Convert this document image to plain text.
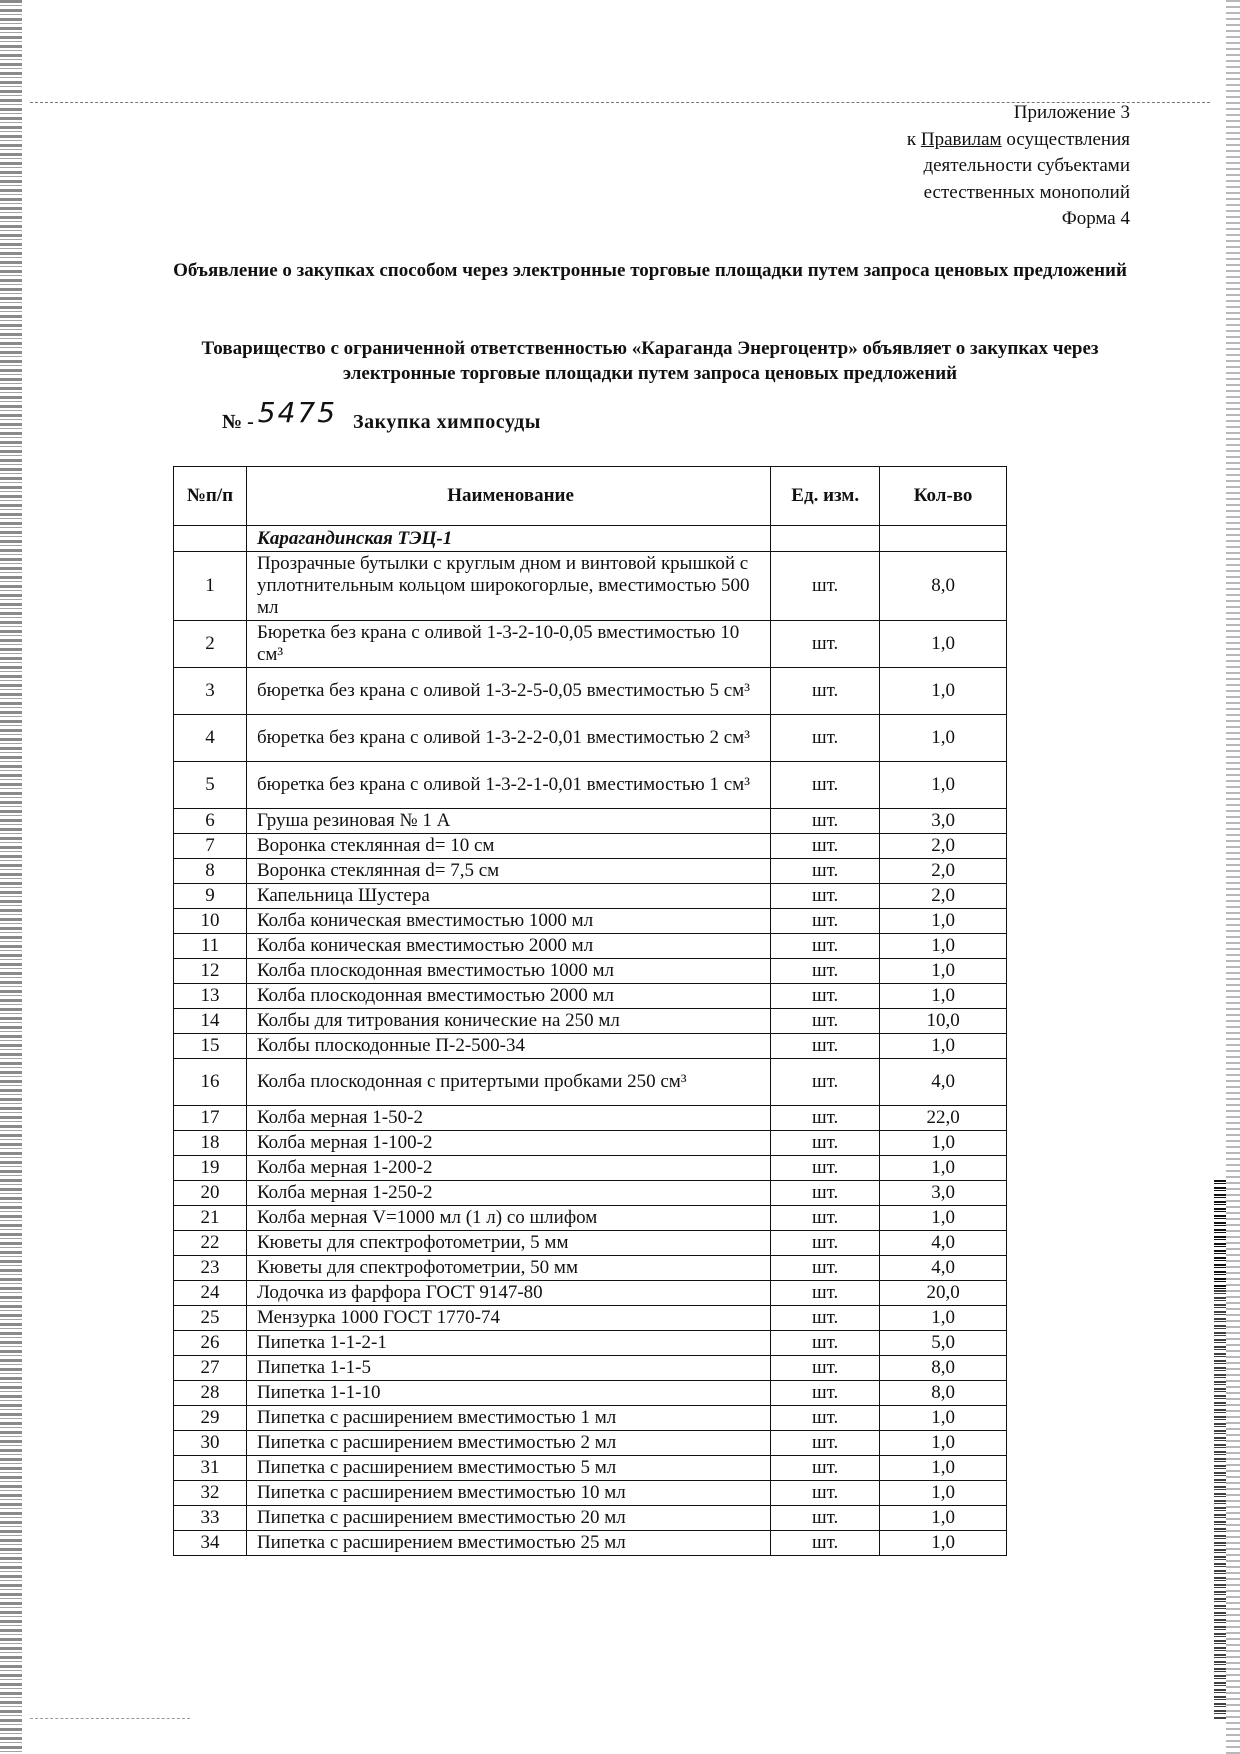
Приложение 3
к Правилам осуществления
деятельности субъектами
естественных монополий
Форма 4
Объявление о закупках способом через электронные торговые площадки путем запроса ценовых предложений
Товарищество с ограниченной ответственностью «Караганда Энергоцентр» объявляет о закупках через электронные торговые площадки путем запроса ценовых предложений
№ - 5475 Закупка химпосуды
№п/п	Наименование	Ед. изм.	Кол-во
	Карагандинская ТЭЦ-1		
1	Прозрачные бутылки с круглым дном и винтовой крышкой с уплотнительным кольцом широкогорлые, вместимостью 500 мл	шт.	8,0
2	Бюретка без крана с оливой 1-3-2-10-0,05 вместимостью 10 см³	шт.	1,0
3	бюретка без крана с оливой 1-3-2-5-0,05 вместимостью 5 см³	шт.	1,0
4	бюретка без крана с оливой 1-3-2-2-0,01 вместимостью 2 см³	шт.	1,0
5	бюретка без крана с оливой 1-3-2-1-0,01 вместимостью 1 см³	шт.	1,0
6	Груша резиновая № 1 А	шт.	3,0
7	Воронка стеклянная d= 10 см	шт.	2,0
8	Воронка стеклянная d= 7,5 см	шт.	2,0
9	Капельница Шустера	шт.	2,0
10	Колба коническая вместимостью 1000 мл	шт.	1,0
11	Колба коническая вместимостью 2000 мл	шт.	1,0
12	Колба плоскодонная вместимостью 1000 мл	шт.	1,0
13	Колба плоскодонная вместимостью 2000 мл	шт.	1,0
14	Колбы для титрования конические на 250 мл	шт.	10,0
15	Колбы плоскодонные П-2-500-34	шт.	1,0
16	Колба плоскодонная с притертыми пробками 250 см³	шт.	4,0
17	Колба мерная 1-50-2	шт.	22,0
18	Колба мерная 1-100-2	шт.	1,0
19	Колба мерная 1-200-2	шт.	1,0
20	Колба мерная 1-250-2	шт.	3,0
21	Колба мерная V=1000 мл (1 л) со шлифом	шт.	1,0
22	Кюветы для спектрофотометрии, 5 мм	шт.	4,0
23	Кюветы для спектрофотометрии, 50 мм	шт.	4,0
24	Лодочка из фарфора ГОСТ 9147-80	шт.	20,0
25	Мензурка 1000 ГОСТ 1770-74	шт.	1,0
26	Пипетка 1-1-2-1	шт.	5,0
27	Пипетка 1-1-5	шт.	8,0
28	Пипетка 1-1-10	шт.	8,0
29	Пипетка с расширением вместимостью 1 мл	шт.	1,0
30	Пипетка с расширением вместимостью 2 мл	шт.	1,0
31	Пипетка с расширением вместимостью 5 мл	шт.	1,0
32	Пипетка с расширением вместимостью 10 мл	шт.	1,0
33	Пипетка с расширением вместимостью 20 мл	шт.	1,0
34	Пипетка с расширением вместимостью 25 мл	шт.	1,0
